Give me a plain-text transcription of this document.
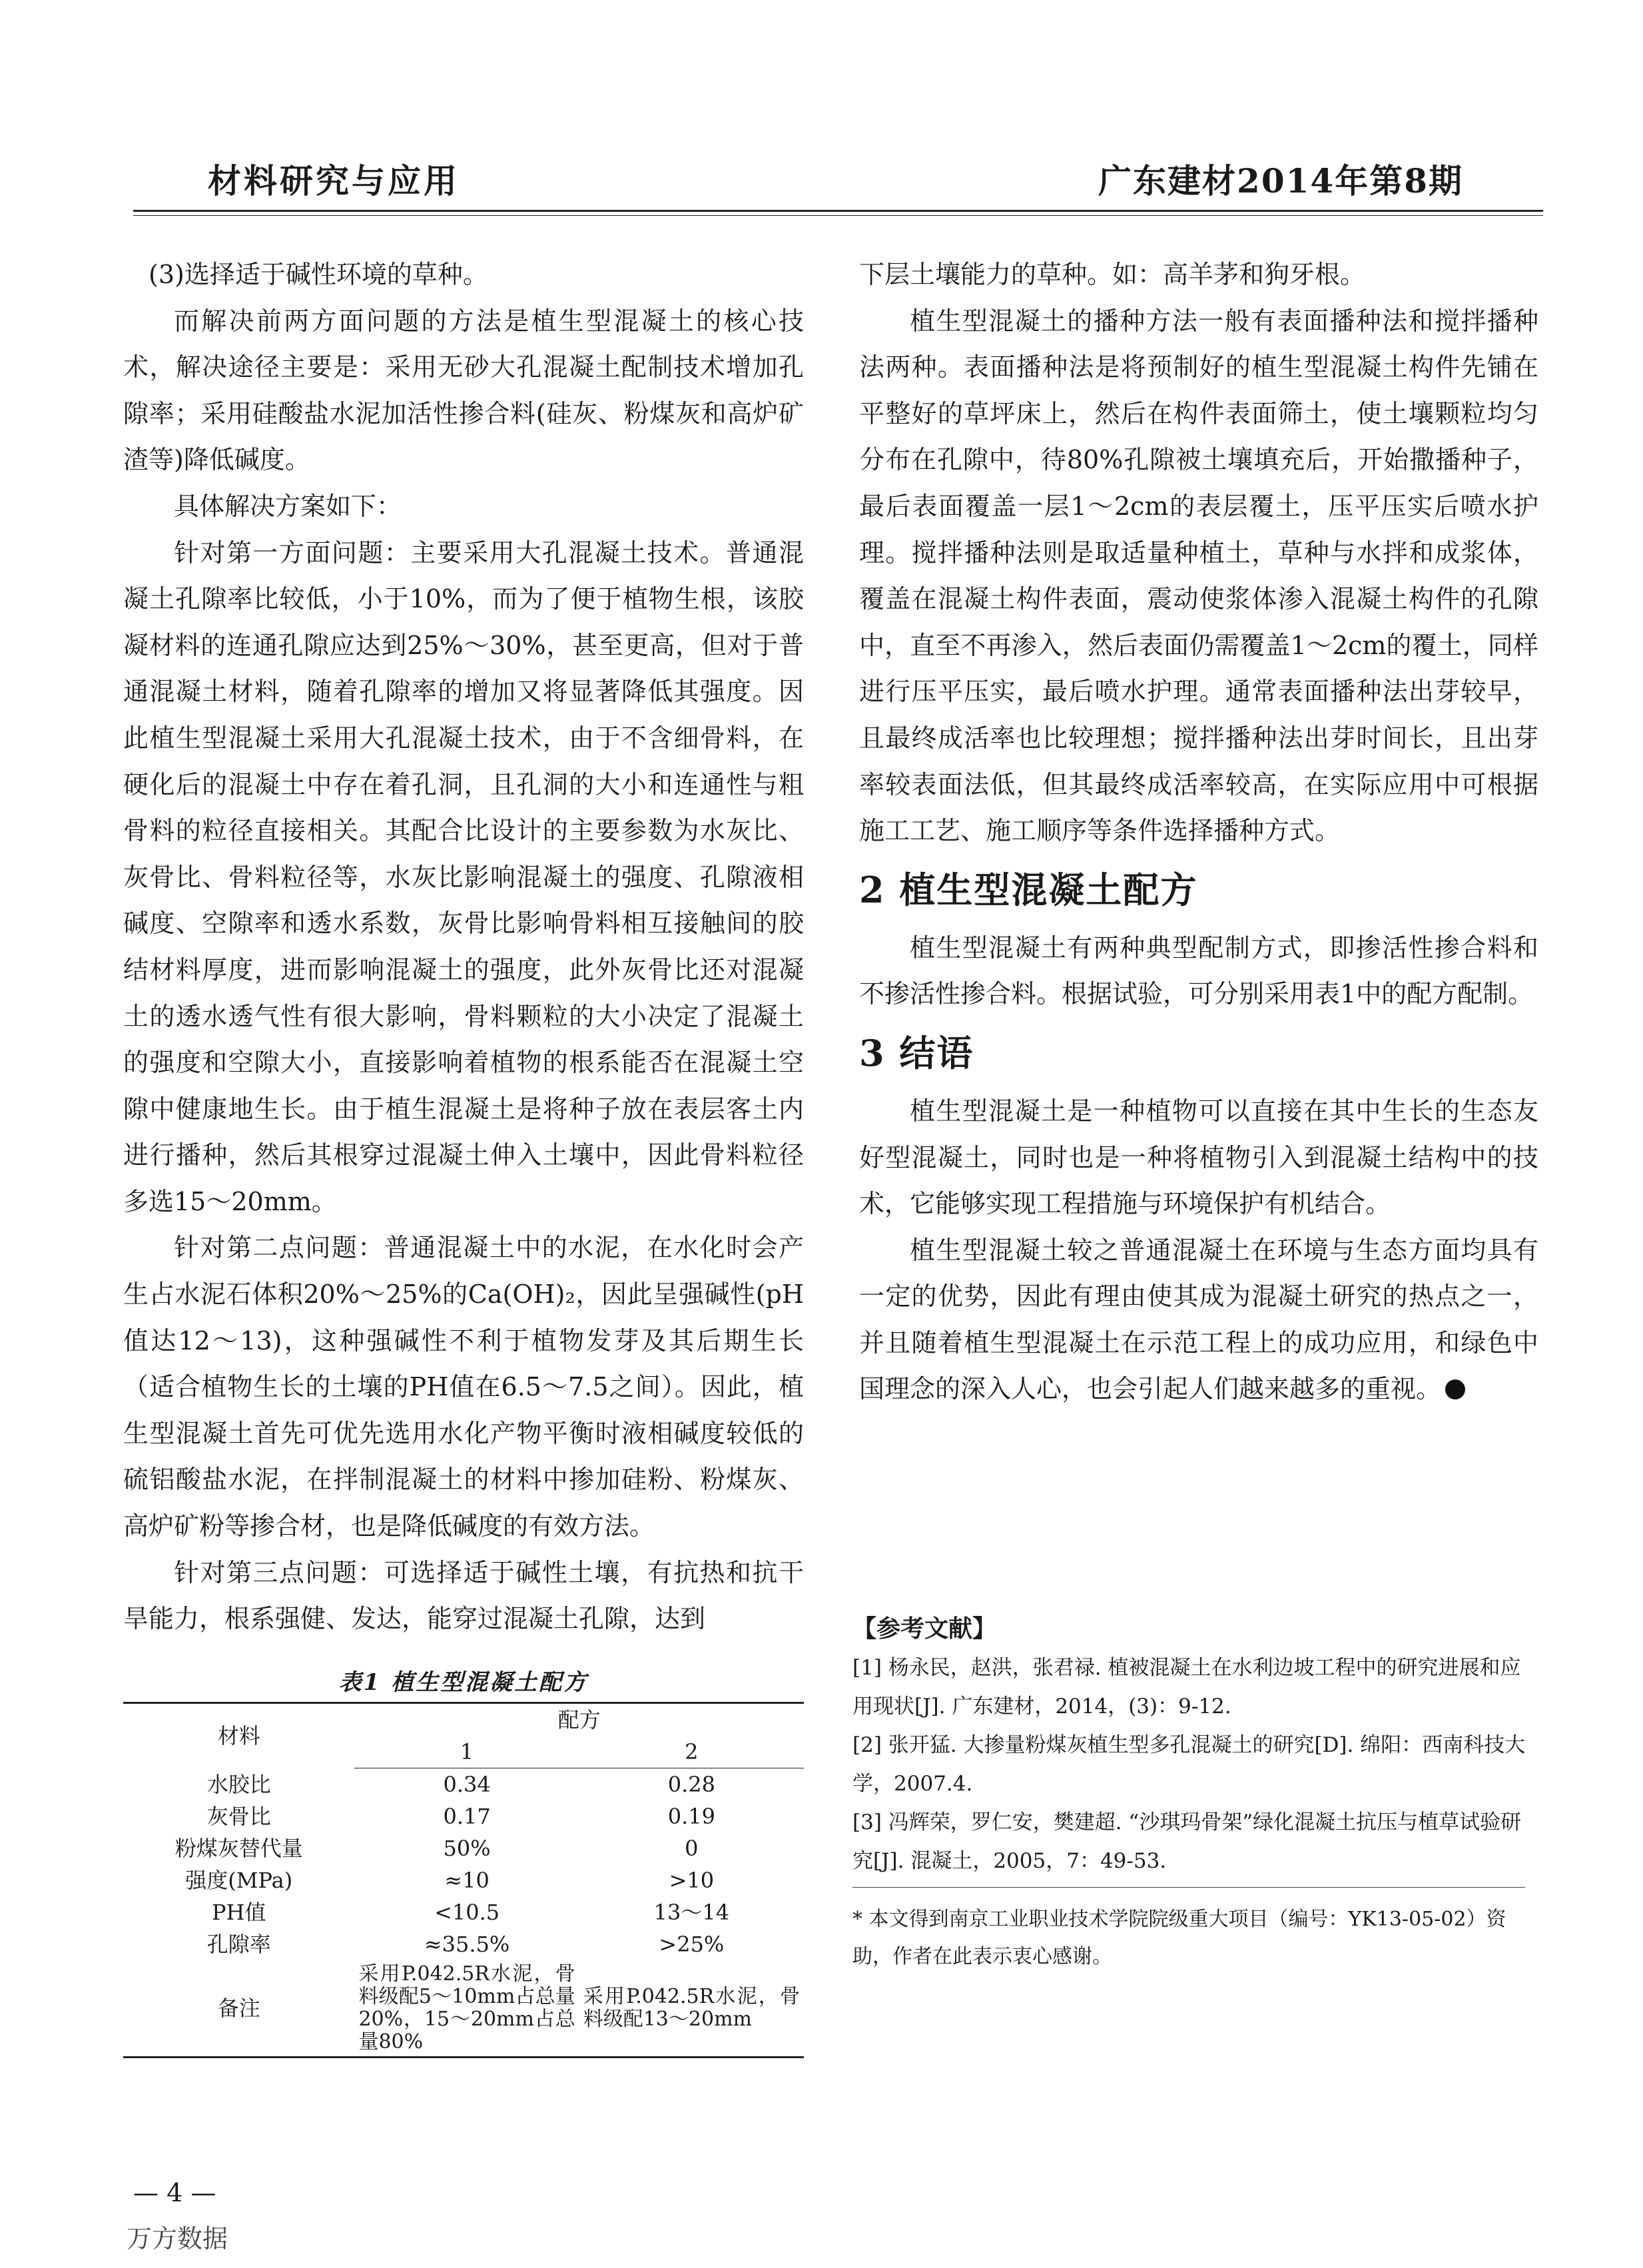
材料研究与应用	广东建材2014年第8期

(3)选择适于碱性环境的草种。

而解决前两方面问题的方法是植生型混凝土的核心技术，解决途径主要是：采用无砂大孔混凝土配制技术增加孔隙率；采用硅酸盐水泥加活性掺合料(硅灰、粉煤灰和高炉矿渣等)降低碱度。

具体解决方案如下：

针对第一方面问题：主要采用大孔混凝土技术。普通混凝土孔隙率比较低，小于10%，而为了便于植物生根，该胶凝材料的连通孔隙应达到25%～30%，甚至更高，但对于普通混凝土材料，随着孔隙率的增加又将显著降低其强度。因此植生型混凝土采用大孔混凝土技术，由于不含细骨料，在硬化后的混凝土中存在着孔洞，且孔洞的大小和连通性与粗骨料的粒径直接相关。其配合比设计的主要参数为水灰比、灰骨比、骨料粒径等，水灰比影响混凝土的强度、孔隙液相碱度、空隙率和透水系数，灰骨比影响骨料相互接触间的胶结材料厚度，进而影响混凝土的强度，此外灰骨比还对混凝土的透水透气性有很大影响，骨料颗粒的大小决定了混凝土的强度和空隙大小，直接影响着植物的根系能否在混凝土空隙中健康地生长。由于植生混凝土是将种子放在表层客土内进行播种，然后其根穿过混凝土伸入土壤中，因此骨料粒径多选15～20mm。

针对第二点问题：普通混凝土中的水泥，在水化时会产生占水泥石体积20%～25%的Ca(OH)₂，因此呈强碱性(pH值达12～13)，这种强碱性不利于植物发芽及其后期生长（适合植物生长的土壤的PH值在6.5～7.5之间）。因此，植生型混凝土首先可优先选用水化产物平衡时液相碱度较低的硫铝酸盐水泥，在拌制混凝土的材料中掺加硅粉、粉煤灰、高炉矿粉等掺合材，也是降低碱度的有效方法。

针对第三点问题：可选择适于碱性土壤，有抗热和抗干旱能力，根系强健、发达，能穿过混凝土孔隙，达到

表1 植生型混凝土配方
材料	配方	
	1	2
水胶比	0.34	0.28
灰骨比	0.17	0.19
粉煤灰替代量	50%	0
强度(MPa)	≈10	>10
PH值	<10.5	13～14
孔隙率	≈35.5%	>25%
备注	采用P.042.5R水泥，骨料级配5～10mm占总量20%，15～20mm占总量80%	采用P.042.5R水泥，骨料级配13～20mm

下层土壤能力的草种。如：高羊茅和狗牙根。

植生型混凝土的播种方法一般有表面播种法和搅拌播种法两种。表面播种法是将预制好的植生型混凝土构件先铺在平整好的草坪床上，然后在构件表面筛土，使土壤颗粒均匀分布在孔隙中，待80%孔隙被土壤填充后，开始撒播种子，最后表面覆盖一层1～2cm的表层覆土，压平压实后喷水护理。搅拌播种法则是取适量种植土，草种与水拌和成浆体，覆盖在混凝土构件表面，震动使浆体渗入混凝土构件的孔隙中，直至不再渗入，然后表面仍需覆盖1～2cm的覆土，同样进行压平压实，最后喷水护理。通常表面播种法出芽较早，且最终成活率也比较理想；搅拌播种法出芽时间长，且出芽率较表面法低，但其最终成活率较高，在实际应用中可根据施工工艺、施工顺序等条件选择播种方式。

2 植生型混凝土配方

植生型混凝土有两种典型配制方式，即掺活性掺合料和不掺活性掺合料。根据试验，可分别采用表1中的配方配制。

3 结语

植生型混凝土是一种植物可以直接在其中生长的生态友好型混凝土，同时也是一种将植物引入到混凝土结构中的技术，它能够实现工程措施与环境保护有机结合。

植生型混凝土较之普通混凝土在环境与生态方面均具有一定的优势，因此有理由使其成为混凝土研究的热点之一，并且随着植生型混凝土在示范工程上的成功应用，和绿色中国理念的深入人心，也会引起人们越来越多的重视。

【参考文献】

[1] 杨永民，赵洪，张君禄. 植被混凝土在水利边坡工程中的研究进展和应用现状[J]. 广东建材，2014，(3)：9-12.

[2] 张开猛. 大掺量粉煤灰植生型多孔混凝土的研究[D]. 绵阳：西南科技大学，2007.4.

[3] 冯辉荣，罗仁安，樊建超. “沙琪玛骨架”绿化混凝土抗压与植草试验研究[J]. 混凝土，2005，7：49-53.

* 本文得到南京工业职业技术学院院级重大项目（编号：YK13-05-02）资助，作者在此表示衷心感谢。

— 4 —
万方数据
